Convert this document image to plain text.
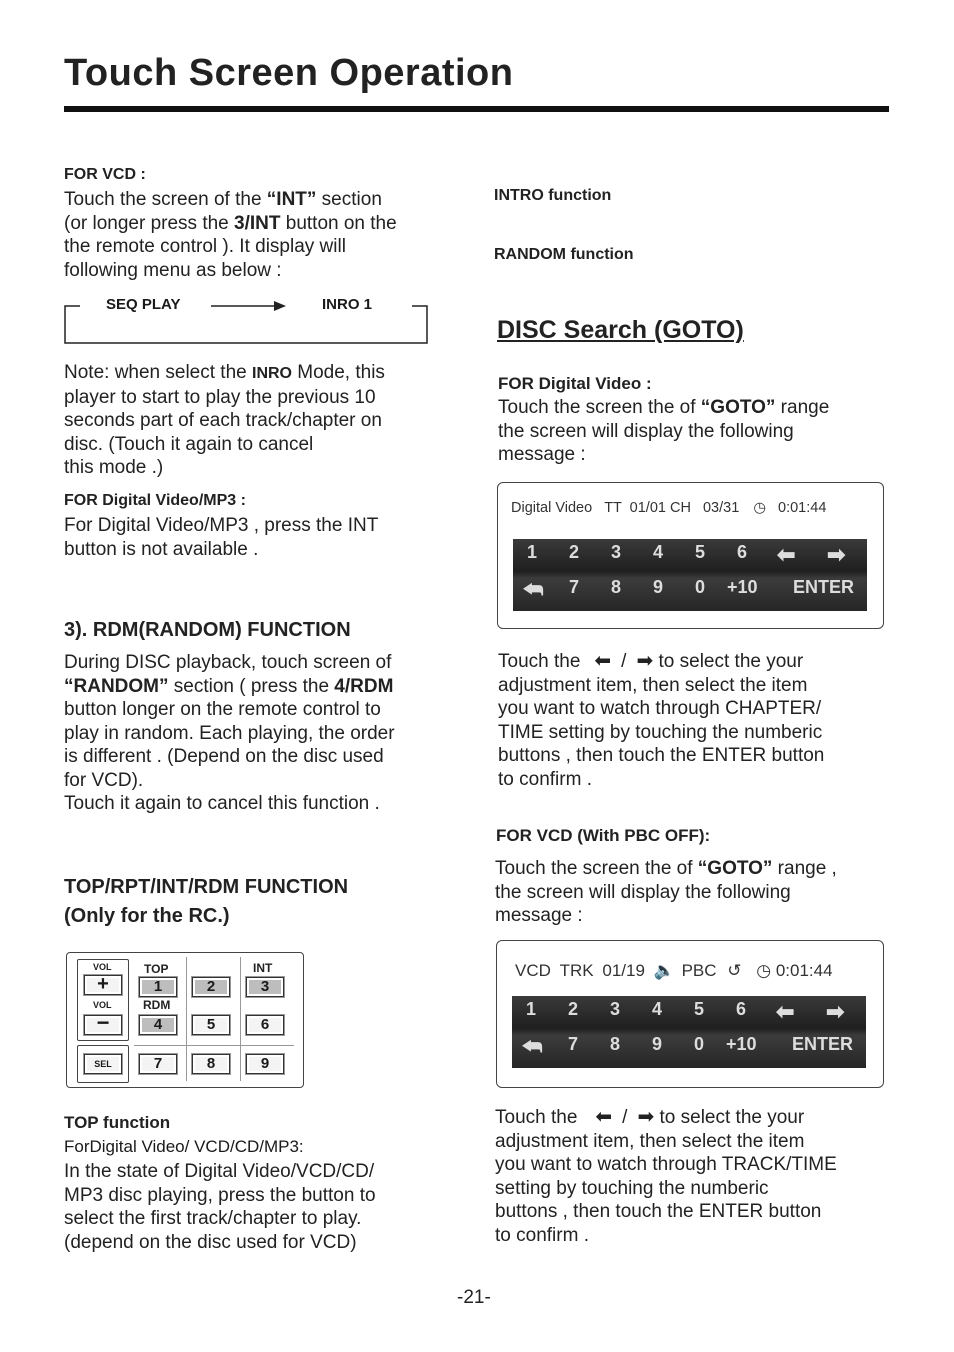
Touch Screen Operation
FOR VCD :
Touch the screen of the “INT” section
(or longer press the 3/INT button on the
the remote control ). It display will
following menu as below :
SEQ PLAY	INRO 1
Note: when select the INRO Mode, this
player to start to play the previous 10
seconds part of each track/chapter on
disc. (Touch it again to cancel
this mode .)
FOR Digital Video/MP3 :
For Digital Video/MP3 , press the INT
button is not available .
3). RDM(RANDOM) FUNCTION
During DISC playback, touch screen of
“RANDOM” section ( press the 4/RDM
button longer on the remote control to
play in random. Each playing, the order
is different . (Depend on the disc used
for VCD).
Touch it again to cancel this function .
TOP/RPT/INT/RDM FUNCTION
(Only for the RC.)
VOL
+
VOL
−
SEL
TOP	INT
RDM
1	2	3
4	5	6
7	8	9
TOP function
ForDigital Video/ VCD/CD/MP3:
In the state of Digital Video/VCD/CD/
MP3 disc playing, press the button to
select the first track/chapter to play.
(depend on the disc used for VCD)
INTRO function
RANDOM function
DISC Search (GOTO)
FOR Digital Video :
Touch the screen the of “GOTO” range
the screen will display the following
message :
Digital Video TT 01/01 CH 03/31 ◷ 0:01:44
1 2 3 4 5 6 ⬅ ➡
⮪ 7 8 9 0 +10 ENTER
Touch the ⬅ / ➡ to select the your
adjustment item, then select the item
you want to watch through CHAPTER/
TIME setting by touching the numberic
buttons , then touch the ENTER button
to confirm .
FOR VCD (With PBC OFF):
Touch the screen the of “GOTO” range ,
the screen will display the following
message :
VCD TRK 01/19 🔈 PBC ↺ ◷ 0:01:44
1 2 3 4 5 6 ⬅ ➡
⮪ 7 8 9 0 +10 ENTER
Touch the ⬅ / ➡ to select the your
adjustment item, then select the item
you want to watch through TRACK/TIME
setting by touching the numberic
buttons , then touch the ENTER button
to confirm .
-21-
